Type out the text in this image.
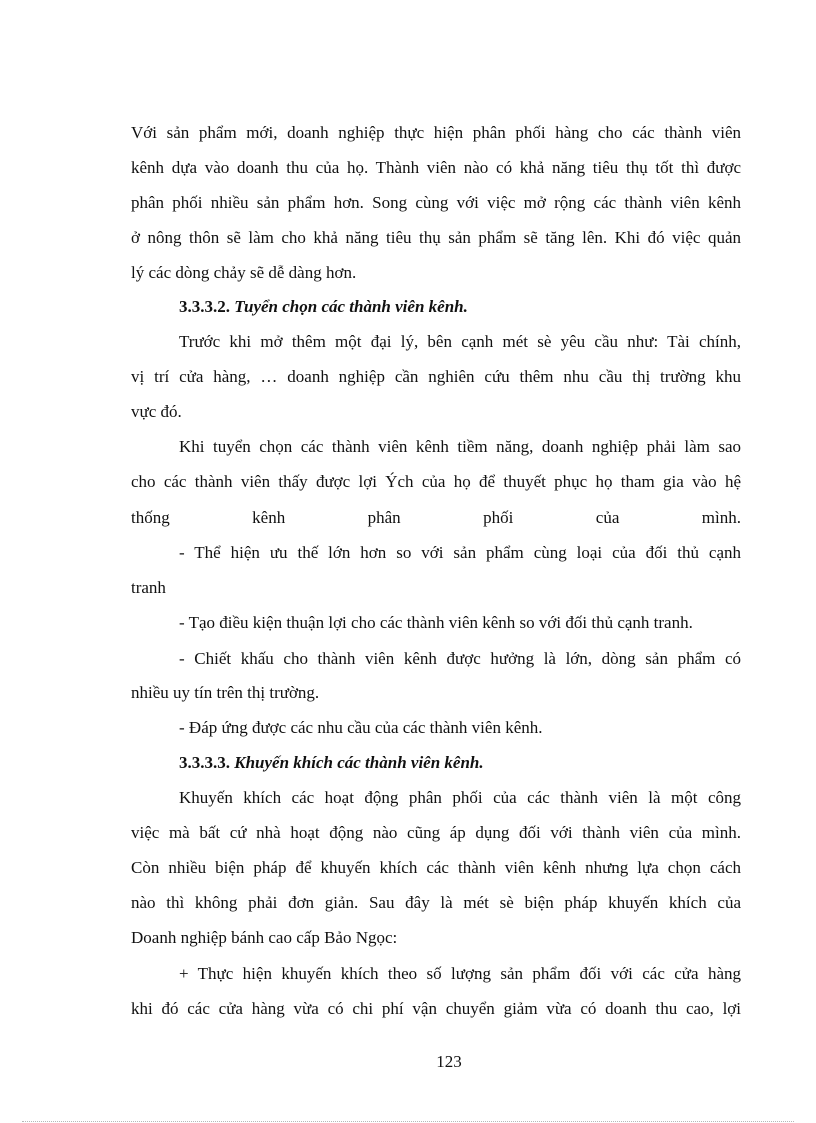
Với sản phẩm mới, doanh nghiệp thực hiện phân phối hàng cho các thành viên
kênh dựa vào doanh thu của họ. Thành viên nào có khả năng tiêu thụ tốt thì được
phân phối nhiều sản phẩm hơn. Song cùng với việc mở rộng các thành viên kênh
ở nông thôn sẽ làm cho khả năng tiêu thụ sản phẩm sẽ tăng lên. Khi đó việc quản
lý các dòng chảy sẽ dễ dàng hơn.
3.3.3.2. Tuyển chọn các thành viên kênh.
Trước khi mở thêm một đại lý, bên cạnh mét sè yêu cầu như: Tài chính,
vị trí cửa hàng, … doanh nghiệp cần nghiên cứu thêm nhu cầu thị trường khu
vực đó.
Khi tuyển chọn các thành viên kênh tiềm năng, doanh nghiệp phải làm sao
cho các thành viên thấy được lợi Ých của họ để thuyết phục họ tham gia vào hệ
thống kênh phân phối của mình.
- Thể hiện ưu thế lớn hơn so với sản phẩm cùng loại của đối thủ cạnh
tranh
- Tạo điều kiện thuận lợi cho các thành viên kênh so với đối thủ cạnh tranh.
- Chiết khấu cho thành viên kênh được hưởng là lớn, dòng sản phẩm có
nhiều uy tín trên thị trường.
- Đáp ứng được các nhu cầu của các thành viên kênh.
3.3.3.3. Khuyến khích các thành viên kênh.
Khuyến khích các hoạt động phân phối của các thành viên là một công
việc mà bất cứ nhà hoạt động nào cũng áp dụng đối với thành viên của mình.
Còn nhiều biện pháp để khuyến khích các thành viên kênh nhưng lựa chọn cách
nào thì không phải đơn giản. Sau đây là mét sè biện pháp khuyến khích của
Doanh nghiệp bánh cao cấp Bảo Ngọc:
+ Thực hiện khuyến khích theo số lượng sản phẩm đối với các cửa hàng
khi đó các cửa hàng vừa có chi phí vận chuyển giảm vừa có doanh thu cao, lợi
123
